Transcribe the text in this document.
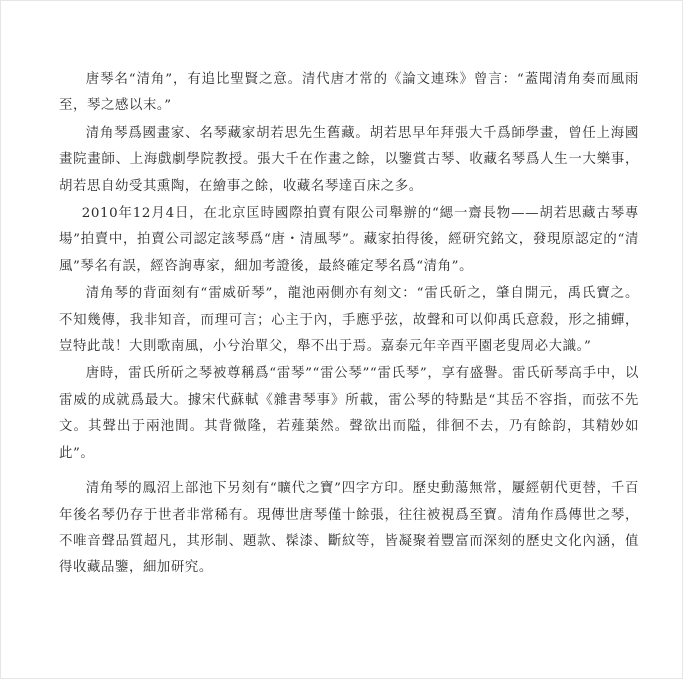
唐琴名“清角”，有追比聖賢之意。清代唐才常的《論文連珠》曾言：“蓋聞清角奏而風雨至，琴之感以末。”

清角琴爲國畫家、名琴藏家胡若思先生舊藏。胡若思早年拜張大千爲師學畫，曾任上海國畫院畫師、上海戲劇學院教授。張大千在作畫之餘，以鑒賞古琴、收藏名琴爲人生一大樂事，胡若思自幼受其熏陶，在繪事之餘，收藏名琴達百床之多。

2010年12月4日，在北京匡時國際拍賣有限公司舉辦的“緦一齋長物——胡若思藏古琴專場”拍賣中，拍賣公司認定該琴爲“唐・清風琴”。藏家拍得後，經研究銘文，發現原認定的“清風”琴名有誤，經咨詢專家，細加考證後，最終確定琴名爲“清角”。

清角琴的背面刻有“雷威斫琴”，龍池兩側亦有刻文：“雷氏斫之，肇自開元，禹氏寶之。不知幾傳，我非知音，而理可言；心主于內，手應乎弦，故聲和可以仰禹氏意殺，形之捕蟬，豈特此哉！大則歌南風，小兮治單父，舉不出于焉。嘉泰元年辛酉平園老叟周必大識。”

唐時，雷氏所斫之琴被尊稱爲“雷琴”“雷公琴”“雷氏琴”，享有盛譽。雷氏斫琴高手中，以雷威的成就爲最大。據宋代蘇軾《雜書琴事》所載，雷公琴的特點是“其岳不容指，而弦不先文。其聲出于兩池間。其背微隆，若薤葉然。聲欲出而隘，徘徊不去，乃有餘韵，其精妙如此”。

清角琴的鳳沼上部池下另刻有“曠代之寶”四字方印。歷史動蕩無常，屢經朝代更替，千百年後名琴仍存于世者非常稀有。現傳世唐琴僅十餘張，往往被視爲至寶。清角作爲傳世之琴，不唯音聲品質超凡，其形制、題款、髹漆、斷紋等，皆凝聚着豐富而深刻的歷史文化內涵，值得收藏品鑒，細加研究。
